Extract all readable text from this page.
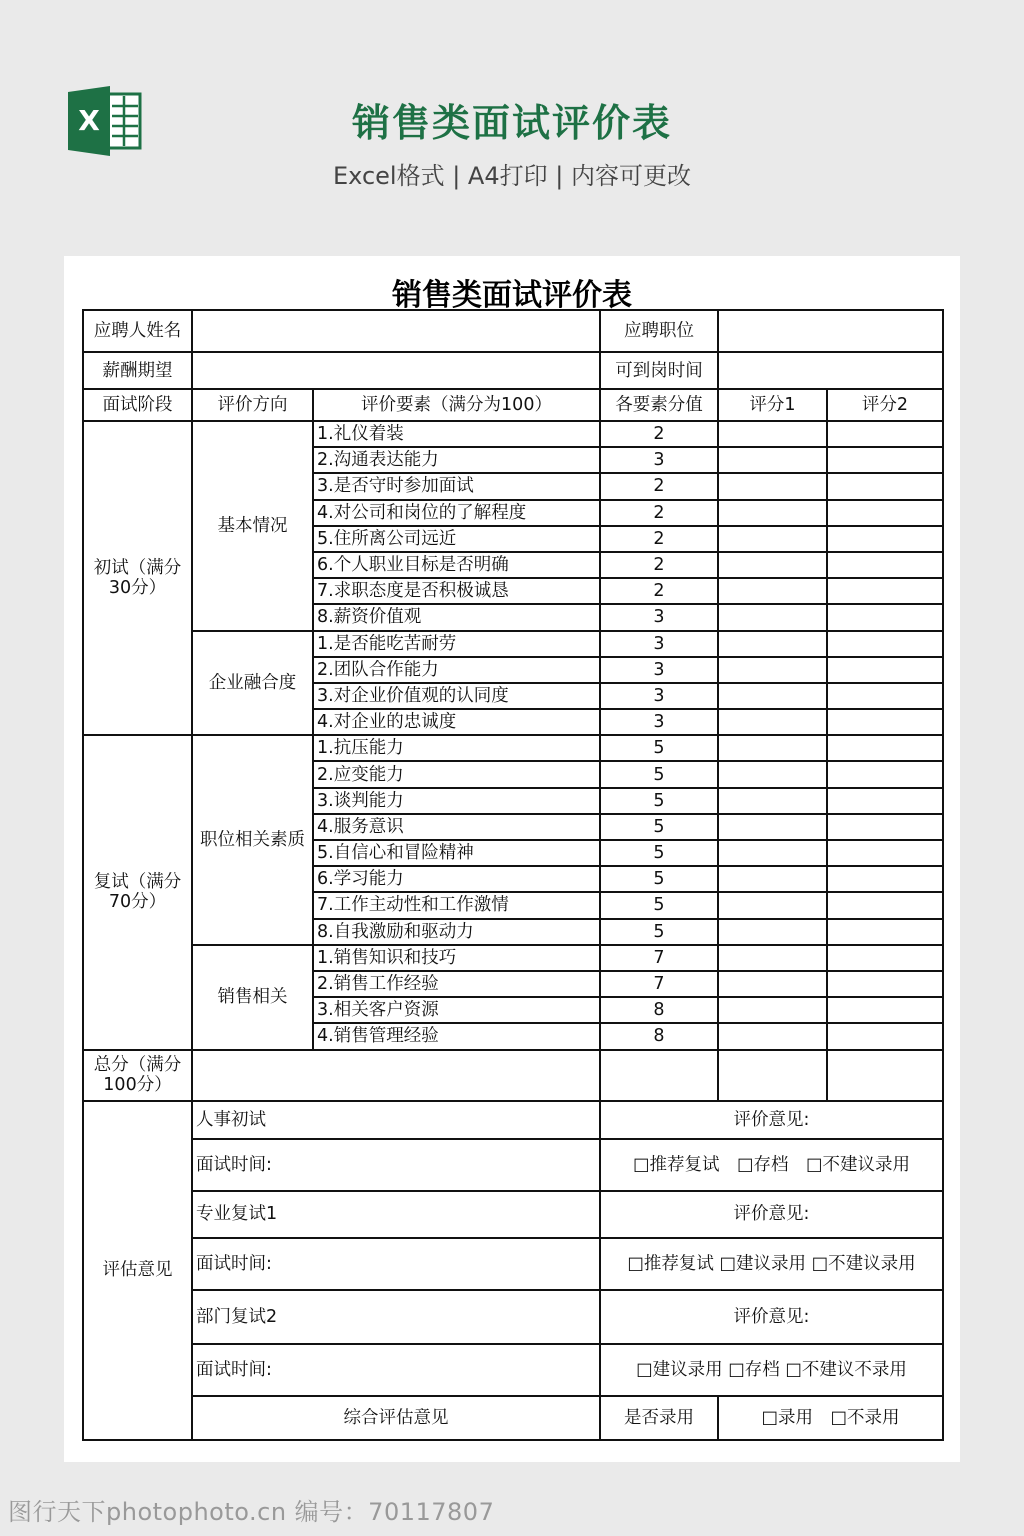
X	销售类面试评价表
Excel格式 | A4打印 | 内容可更改
销售类面试评价表
应聘人姓名			应聘职位		
薪酬期望			可到岗时间		
面试阶段	评价方向	评价要素（满分为100）	各要素分值	评分1	评分2
初试（满分30分）	基本情况	1.礼仪着装	2		
		2.沟通表达能力	3		
		3.是否守时参加面试	2		
		4.对公司和岗位的了解程度	2		
		5.住所离公司远近	2		
		6.个人职业目标是否明确	2		
		7.求职态度是否积极诚恳	2		
		8.薪资价值观	3		
	企业融合度	1.是否能吃苦耐劳	3		
		2.团队合作能力	3		
		3.对企业价值观的认同度	3		
		4.对企业的忠诚度	3		
复试（满分70分）	职位相关素质	1.抗压能力	5		
		2.应变能力	5		
		3.谈判能力	5		
		4.服务意识	5		
		5.自信心和冒险精神	5		
		6.学习能力	5		
		7.工作主动性和工作激情	5		
		8.自我激励和驱动力	5		
	销售相关	1.销售知识和技巧	7		
		2.销售工作经验	7		
		3.相关客户资源	8		
		4.销售管理经验	8		
总分（满分100分）					
评估意见	人事初试		评价意见:		
	面试时间:		□推荐复试　□存档　□不建议录用		
	专业复试1		评价意见:		
	面试时间:		□推荐复试 □建议录用 □不建议录用		
	部门复试2		评价意见:		
	面试时间:		□建议录用 □存档 □不建议不录用		
	综合评估意见		是否录用	□录用　□不录用	
图行天下photophoto.cn 编号：70117807
